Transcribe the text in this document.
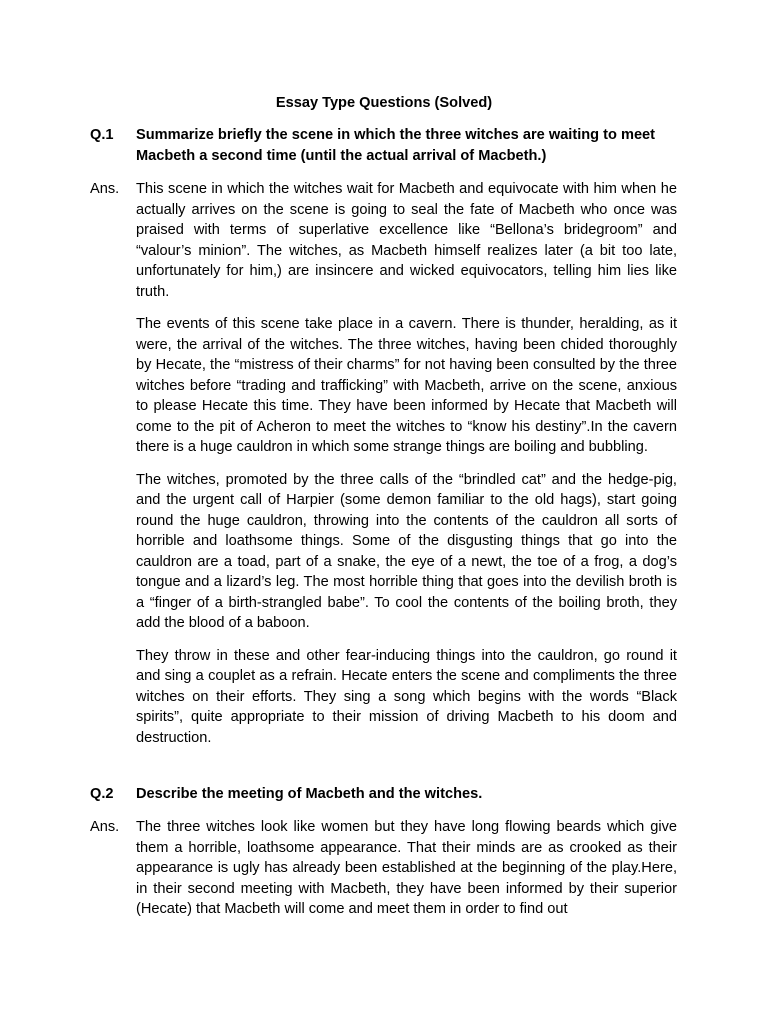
Essay Type Questions (Solved)
Q.1	Summarize briefly the scene in which the three witches are waiting to meet Macbeth a second time (until the actual arrival of Macbeth.)

Ans.	This scene in which the witches wait for Macbeth and equivocate with him when he actually arrives on the scene is going to seal the fate of Macbeth who once was praised with terms of superlative excellence like “Bellona’s bridegroom” and “valour’s minion”. The witches, as Macbeth himself realizes later (a bit too late, unfortunately for him,) are insincere and wicked equivocators, telling him lies like truth.

The events of this scene take place in a cavern. There is thunder, heralding, as it were, the arrival of the witches. The three witches, having been chided thoroughly by Hecate, the “mistress of their charms” for not having been consulted by the three witches before “trading and trafficking” with Macbeth, arrive on the scene, anxious to please Hecate this time. They have been informed by Hecate that Macbeth will come to the pit of Acheron to meet the witches to “know his destiny”.In the cavern there is a huge cauldron in which some strange things are boiling and bubbling.

The witches, promoted by the three calls of the “brindled cat” and the hedge-pig, and the urgent call of Harpier (some demon familiar to the old hags), start going round the huge cauldron, throwing into the contents of the cauldron all sorts of horrible and loathsome things. Some of the disgusting things that go into the cauldron are a toad, part of a snake, the eye of a newt, the toe of a frog, a dog’s tongue and a lizard’s leg. The most horrible thing that goes into the devilish broth is a “finger of a birth-strangled babe”. To cool the contents of the boiling broth, they add the blood of a baboon.

They throw in these and other fear-inducing things into the cauldron, go round it and sing a couplet as a refrain. Hecate enters the scene and compliments the three witches on their efforts. They sing a song which begins with the words “Black spirits”, quite appropriate to their mission of driving Macbeth to his doom and destruction.

Q.2	Describe the meeting of Macbeth and the witches.

Ans.	The three witches look like women but they have long flowing beards which give them a horrible, loathsome appearance. That their minds are as crooked as their appearance is ugly has already been established at the beginning of the play.Here, in their second meeting with Macbeth, they have been informed by their superior (Hecate) that Macbeth will come and meet them in order to find out
